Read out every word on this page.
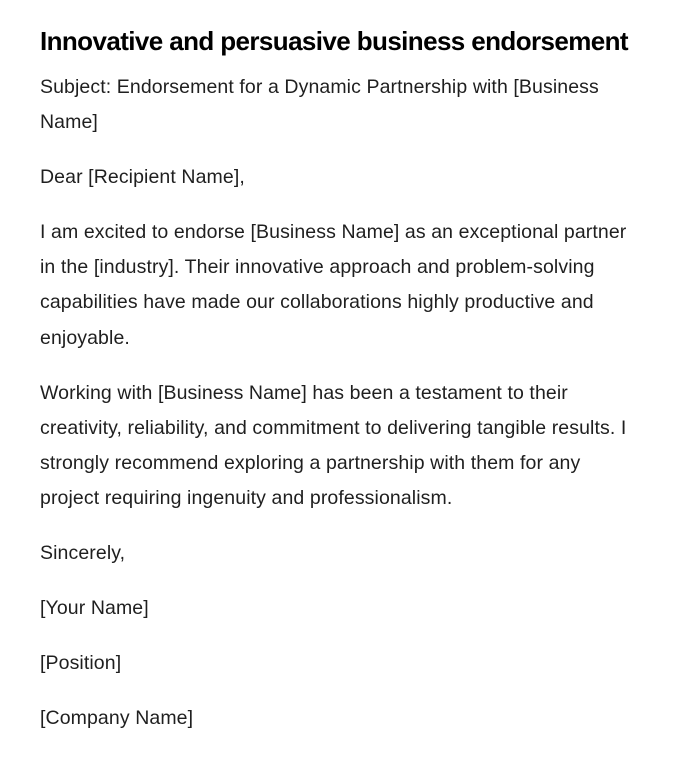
Innovative and persuasive business endorsement

Subject: Endorsement for a Dynamic Partnership with [Business Name]

Dear [Recipient Name],

I am excited to endorse [Business Name] as an exceptional partner in the [industry]. Their innovative approach and problem-solving capabilities have made our collaborations highly productive and enjoyable.

Working with [Business Name] has been a testament to their creativity, reliability, and commitment to delivering tangible results. I strongly recommend exploring a partnership with them for any project requiring ingenuity and professionalism.

Sincerely,

[Your Name]

[Position]

[Company Name]
